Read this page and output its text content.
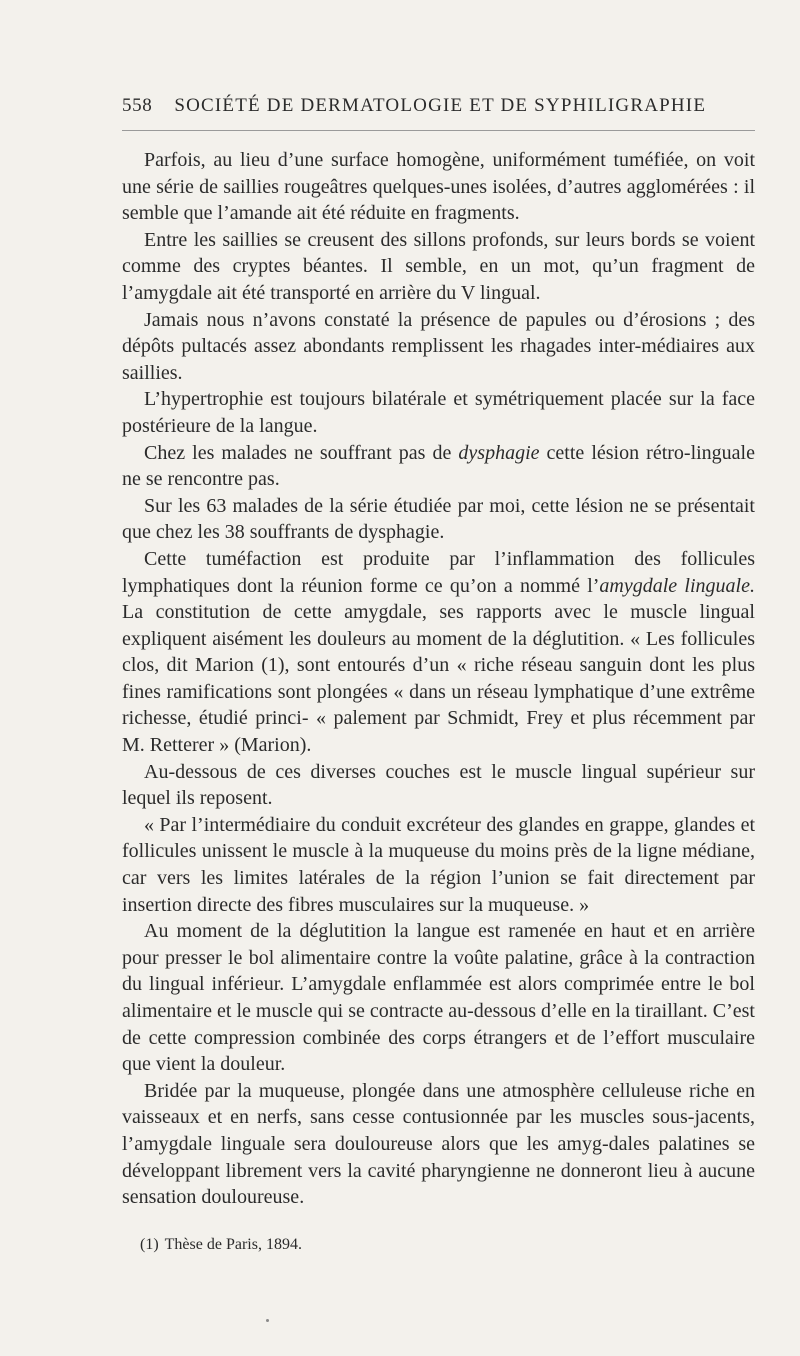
558 SOCIÉTÉ DE DERMATOLOGIE ET DE SYPHILIGRAPHIE

Parfois, au lieu d’une surface homogène, uniformément tuméfiée, on voit une série de saillies rougeâtres quelques-unes isolées, d’autres agglomérées : il semble que l’amande ait été réduite en fragments.

Entre les saillies se creusent des sillons profonds, sur leurs bords se voient comme des cryptes béantes. Il semble, en un mot, qu’un fragment de l’amygdale ait été transporté en arrière du V lingual.

Jamais nous n’avons constaté la présence de papules ou d’érosions ; des dépôts pultacés assez abondants remplissent les rhagades inter-médiaires aux saillies.

L’hypertrophie est toujours bilatérale et symétriquement placée sur la face postérieure de la langue.

Chez les malades ne souffrant pas de dysphagie cette lésion rétro-linguale ne se rencontre pas.

Sur les 63 malades de la série étudiée par moi, cette lésion ne se présentait que chez les 38 souffrants de dysphagie.

Cette tuméfaction est produite par l’inflammation des follicules lymphatiques dont la réunion forme ce qu’on a nommé l’amygdale linguale. La constitution de cette amygdale, ses rapports avec le muscle lingual expliquent aisément les douleurs au moment de la déglutition. « Les follicules clos, dit Marion (1), sont entourés d’un « riche réseau sanguin dont les plus fines ramifications sont plongées « dans un réseau lymphatique d’une extrême richesse, étudié princi- « palement par Schmidt, Frey et plus récemment par M. Retterer » (Marion).

Au-dessous de ces diverses couches est le muscle lingual supérieur sur lequel ils reposent.

« Par l’intermédiaire du conduit excréteur des glandes en grappe, glandes et follicules unissent le muscle à la muqueuse du moins près de la ligne médiane, car vers les limites latérales de la région l’union se fait directement par insertion directe des fibres musculaires sur la muqueuse. »

Au moment de la déglutition la langue est ramenée en haut et en arrière pour presser le bol alimentaire contre la voûte palatine, grâce à la contraction du lingual inférieur. L’amygdale enflammée est alors comprimée entre le bol alimentaire et le muscle qui se contracte au-dessous d’elle en la tiraillant. C’est de cette compression combinée des corps étrangers et de l’effort musculaire que vient la douleur.

Bridée par la muqueuse, plongée dans une atmosphère celluleuse riche en vaisseaux et en nerfs, sans cesse contusionnée par les muscles sous-jacents, l’amygdale linguale sera douloureuse alors que les amyg-dales palatines se développant librement vers la cavité pharyngienne ne donneront lieu à aucune sensation douloureuse.

(1) Thèse de Paris, 1894.
